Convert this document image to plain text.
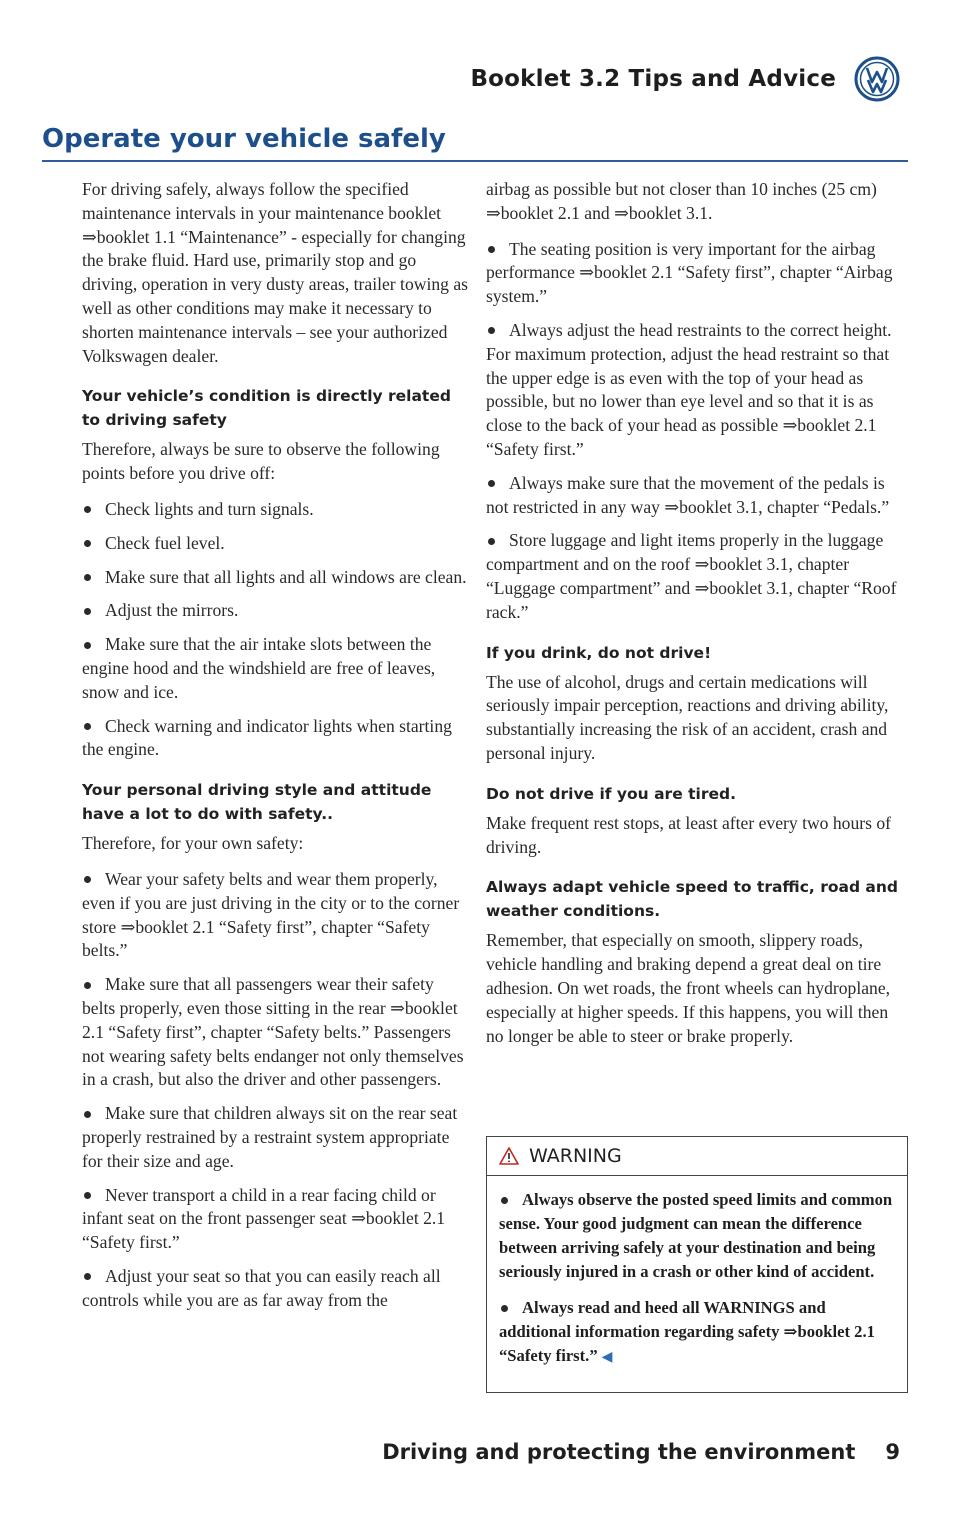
Booklet 3.2 Tips and Advice
Operate your vehicle safely

For driving safely, always follow the specified maintenance intervals in your maintenance booklet ⇒booklet 1.1 “Maintenance” - especially for changing the brake fluid. Hard use, primarily stop and go driving, operation in very dusty areas, trailer towing as well as other conditions may make it necessary to shorten maintenance intervals – see your authorized Volkswagen dealer.

Your vehicle’s condition is directly related to driving safety

Therefore, always be sure to observe the following points before you drive off:

Check lights and turn signals.
Check fuel level.
Make sure that all lights and all windows are clean.
Adjust the mirrors.
Make sure that the air intake slots between the engine hood and the windshield are free of leaves, snow and ice.
Check warning and indicator lights when starting the engine.
Your personal driving style and attitude have a lot to do with safety..

Therefore, for your own safety:

Wear your safety belts and wear them properly, even if you are just driving in the city or to the corner store ⇒booklet 2.1 “Safety first”, chapter “Safety belts.”
Make sure that all passengers wear their safety belts properly, even those sitting in the rear ⇒booklet 2.1 “Safety first”, chapter “Safety belts.” Passengers not wearing safety belts endanger not only themselves in a crash, but also the driver and other passengers.
Make sure that children always sit on the rear seat properly restrained by a restraint system appropriate for their size and age.
Never transport a child in a rear facing child or infant seat on the front passenger seat ⇒booklet 2.1 “Safety first.”
Adjust your seat so that you can easily reach all controls while you are as far away from the

airbag as possible but not closer than 10 inches (25 cm) ⇒booklet 2.1 and ⇒booklet 3.1.

The seating position is very important for the airbag performance ⇒booklet 2.1 “Safety first”, chapter “Airbag system.”
Always adjust the head restraints to the correct height. For maximum protection, adjust the head restraint so that the upper edge is as even with the top of your head as possible, but no lower than eye level and so that it is as close to the back of your head as possible ⇒booklet 2.1 “Safety first.”
Always make sure that the movement of the pedals is not restricted in any way ⇒booklet 3.1, chapter “Pedals.”
Store luggage and light items properly in the luggage compartment and on the roof ⇒booklet 3.1, chapter “Luggage compartment” and ⇒booklet 3.1, chapter “Roof rack.”
If you drink, do not drive!

The use of alcohol, drugs and certain medications will seriously impair perception, reactions and driving ability, substantially increasing the risk of an accident, crash and personal injury.

Do not drive if you are tired.

Make frequent rest stops, at least after every two hours of driving.

Always adapt vehicle speed to traffic, road and weather conditions.

Remember, that especially on smooth, slippery roads, vehicle handling and braking depend a great deal on tire adhesion. On wet roads, the front wheels can hydroplane, especially at higher speeds. If this happens, you will then no longer be able to steer or brake properly.

WARNING
Always observe the posted speed limits and common sense. Your good judgment can mean the difference between arriving safely at your destination and being seriously injured in a crash or other kind of accident.
Always read and heed all WARNINGS and additional information regarding safety ⇒booklet 2.1 “Safety first.” ◀
Driving and protecting the environment 9
